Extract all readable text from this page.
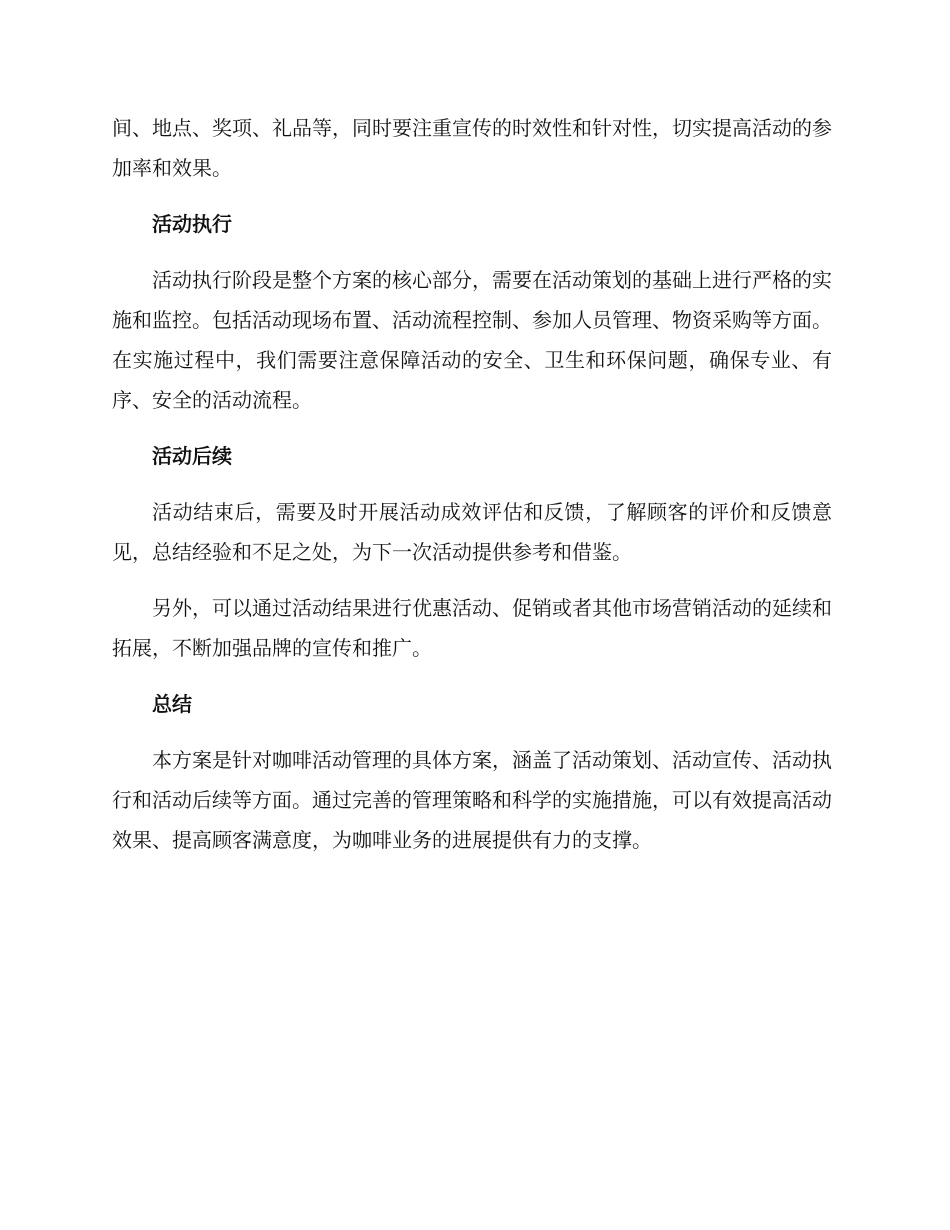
间、地点、奖项、礼品等，同时要注重宣传的时效性和针对性，切实提高活动的参加率和效果。

活动执行

活动执行阶段是整个方案的核心部分，需要在活动策划的基础上进行严格的实施和监控。包括活动现场布置、活动流程控制、参加人员管理、物资采购等方面。在实施过程中，我们需要注意保障活动的安全、卫生和环保问题，确保专业、有序、安全的活动流程。

活动后续

活动结束后，需要及时开展活动成效评估和反馈，了解顾客的评价和反馈意见，总结经验和不足之处，为下一次活动提供参考和借鉴。

另外，可以通过活动结果进行优惠活动、促销或者其他市场营销活动的延续和拓展，不断加强品牌的宣传和推广。

总结

本方案是针对咖啡活动管理的具体方案，涵盖了活动策划、活动宣传、活动执行和活动后续等方面。通过完善的管理策略和科学的实施措施，可以有效提高活动效果、提高顾客满意度，为咖啡业务的进展提供有力的支撑。
